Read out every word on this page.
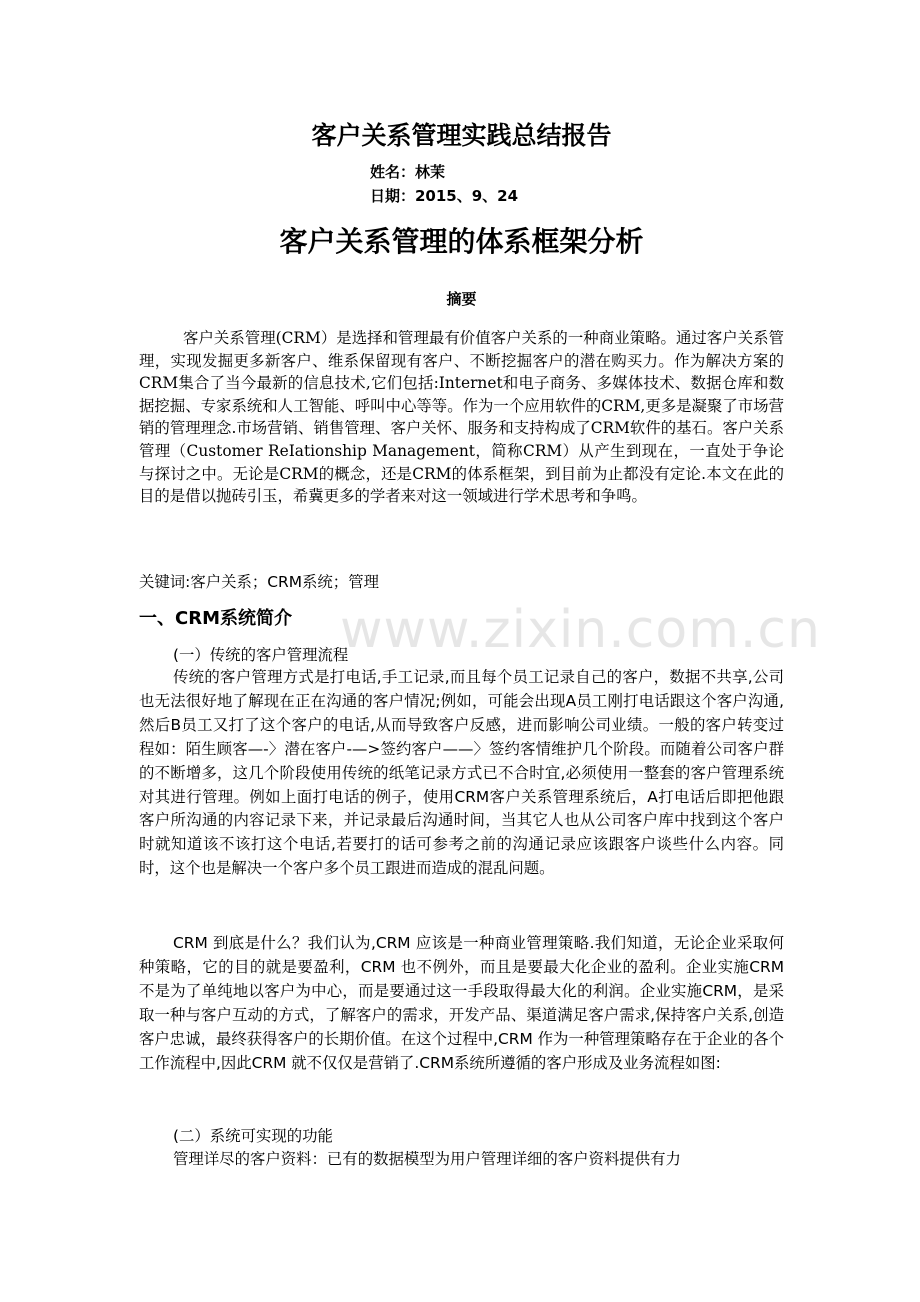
www.zixin.com.cn
客户关系管理实践总结报告
姓名：林茉
日期：2015、9、24
客户关系管理的体系框架分析
摘要
客户关系管理(CRM）是选择和管理最有价值客户关系的一种商业策略。通过客户关系管理，实现发掘更多新客户、维系保留现有客户、不断挖掘客户的潜在购买力。作为解决方案的CRM集合了当今最新的信息技术,它们包括:Internet和电子商务、多媒体技术、数据仓库和数据挖掘、专家系统和人工智能、呼叫中心等等。作为一个应用软件的CRM,更多是凝聚了市场营销的管理理念.市场营销、销售管理、客户关怀、服务和支持构成了CRM软件的基石。客户关系管理（Customer ReIationship Management，简称CRM）从产生到现在，一直处于争论与探讨之中。无论是CRM的概念，还是CRM的体系框架，到目前为止都没有定论.本文在此的目的是借以抛砖引玉，希冀更多的学者来对这一领域进行学术思考和争鸣。
关键词:客户关系；CRM系统；管理
一、CRM系统简介
(一）传统的客户管理流程
传统的客户管理方式是打电话,手工记录,而且每个员工记录自己的客户，数据不共享,公司也无法很好地了解现在正在沟通的客户情况;例如，可能会出现A员工刚打电话跟这个客户沟通,然后B员工又打了这个客户的电话,从而导致客户反感，进而影响公司业绩。一般的客户转变过程如：陌生顾客—-〉潜在客户-—>签约客户——〉签约客情维护几个阶段。而随着公司客户群的不断增多，这几个阶段使用传统的纸笔记录方式已不合时宜,必须使用一整套的客户管理系统对其进行管理。例如上面打电话的例子，使用CRM客户关系管理系统后，A打电话后即把他跟客户所沟通的内容记录下来，并记录最后沟通时间，当其它人也从公司客户库中找到这个客户时就知道该不该打这个电话,若要打的话可参考之前的沟通记录应该跟客户谈些什么内容。同时，这个也是解决一个客户多个员工跟进而造成的混乱问题。
CRM 到底是什么？我们认为,CRM 应该是一种商业管理策略.我们知道，无论企业采取何种策略，它的目的就是要盈利，CRM 也不例外，而且是要最大化企业的盈利。企业实施CRM 不是为了单纯地以客户为中心，而是要通过这一手段取得最大化的利润。企业实施CRM，是采取一种与客户互动的方式，了解客户的需求，开发产品、渠道满足客户需求,保持客户关系,创造客户忠诚，最终获得客户的长期价值。在这个过程中,CRM 作为一种管理策略存在于企业的各个工作流程中,因此CRM 就不仅仅是营销了.CRM系统所遵循的客户形成及业务流程如图:
(二）系统可实现的功能
管理详尽的客户资料：已有的数据模型为用户管理详细的客户资料提供有力
